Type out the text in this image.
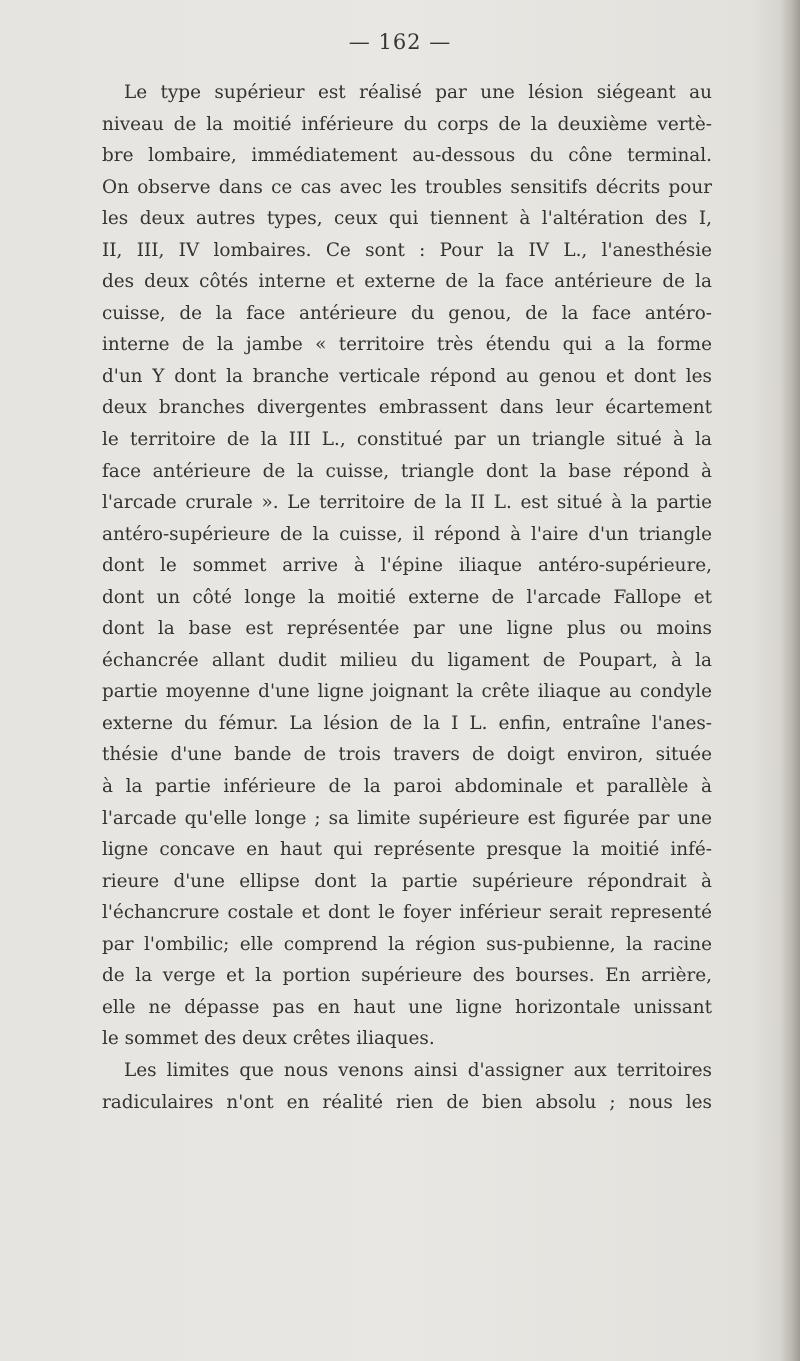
— 162 —
Le type supérieur est réalisé par une lésion siégeant au
niveau de la moitié inférieure du corps de la deuxième vertè-
bre lombaire, immédiatement au-dessous du cône terminal.
On observe dans ce cas avec les troubles sensitifs décrits pour
les deux autres types, ceux qui tiennent à l'altération des I,
II, III, IV lombaires. Ce sont : Pour la IV L., l'anesthésie
des deux côtés interne et externe de la face antérieure de la
cuisse, de la face antérieure du genou, de la face antéro-
interne de la jambe « territoire très étendu qui a la forme
d'un Y dont la branche verticale répond au genou et dont les
deux branches divergentes embrassent dans leur écartement
le territoire de la III L., constitué par un triangle situé à la
face antérieure de la cuisse, triangle dont la base répond à
l'arcade crurale ». Le territoire de la II L. est situé à la partie
antéro-supérieure de la cuisse, il répond à l'aire d'un triangle
dont le sommet arrive à l'épine iliaque antéro-supérieure,
dont un côté longe la moitié externe de l'arcade Fallope et
dont la base est représentée par une ligne plus ou moins
échancrée allant dudit milieu du ligament de Poupart, à la
partie moyenne d'une ligne joignant la crête iliaque au condyle
externe du fémur. La lésion de la I L. enfin, entraîne l'anes-
thésie d'une bande de trois travers de doigt environ, située
à la partie inférieure de la paroi abdominale et parallèle à
l'arcade qu'elle longe ; sa limite supérieure est figurée par une
ligne concave en haut qui représente presque la moitié infé-
rieure d'une ellipse dont la partie supérieure répondrait à
l'échancrure costale et dont le foyer inférieur serait representé
par l'ombilic; elle comprend la région sus-pubienne, la racine
de la verge et la portion supérieure des bourses. En arrière,
elle ne dépasse pas en haut une ligne horizontale unissant
le sommet des deux crêtes iliaques.
Les limites que nous venons ainsi d'assigner aux territoires
radiculaires n'ont en réalité rien de bien absolu ; nous les
